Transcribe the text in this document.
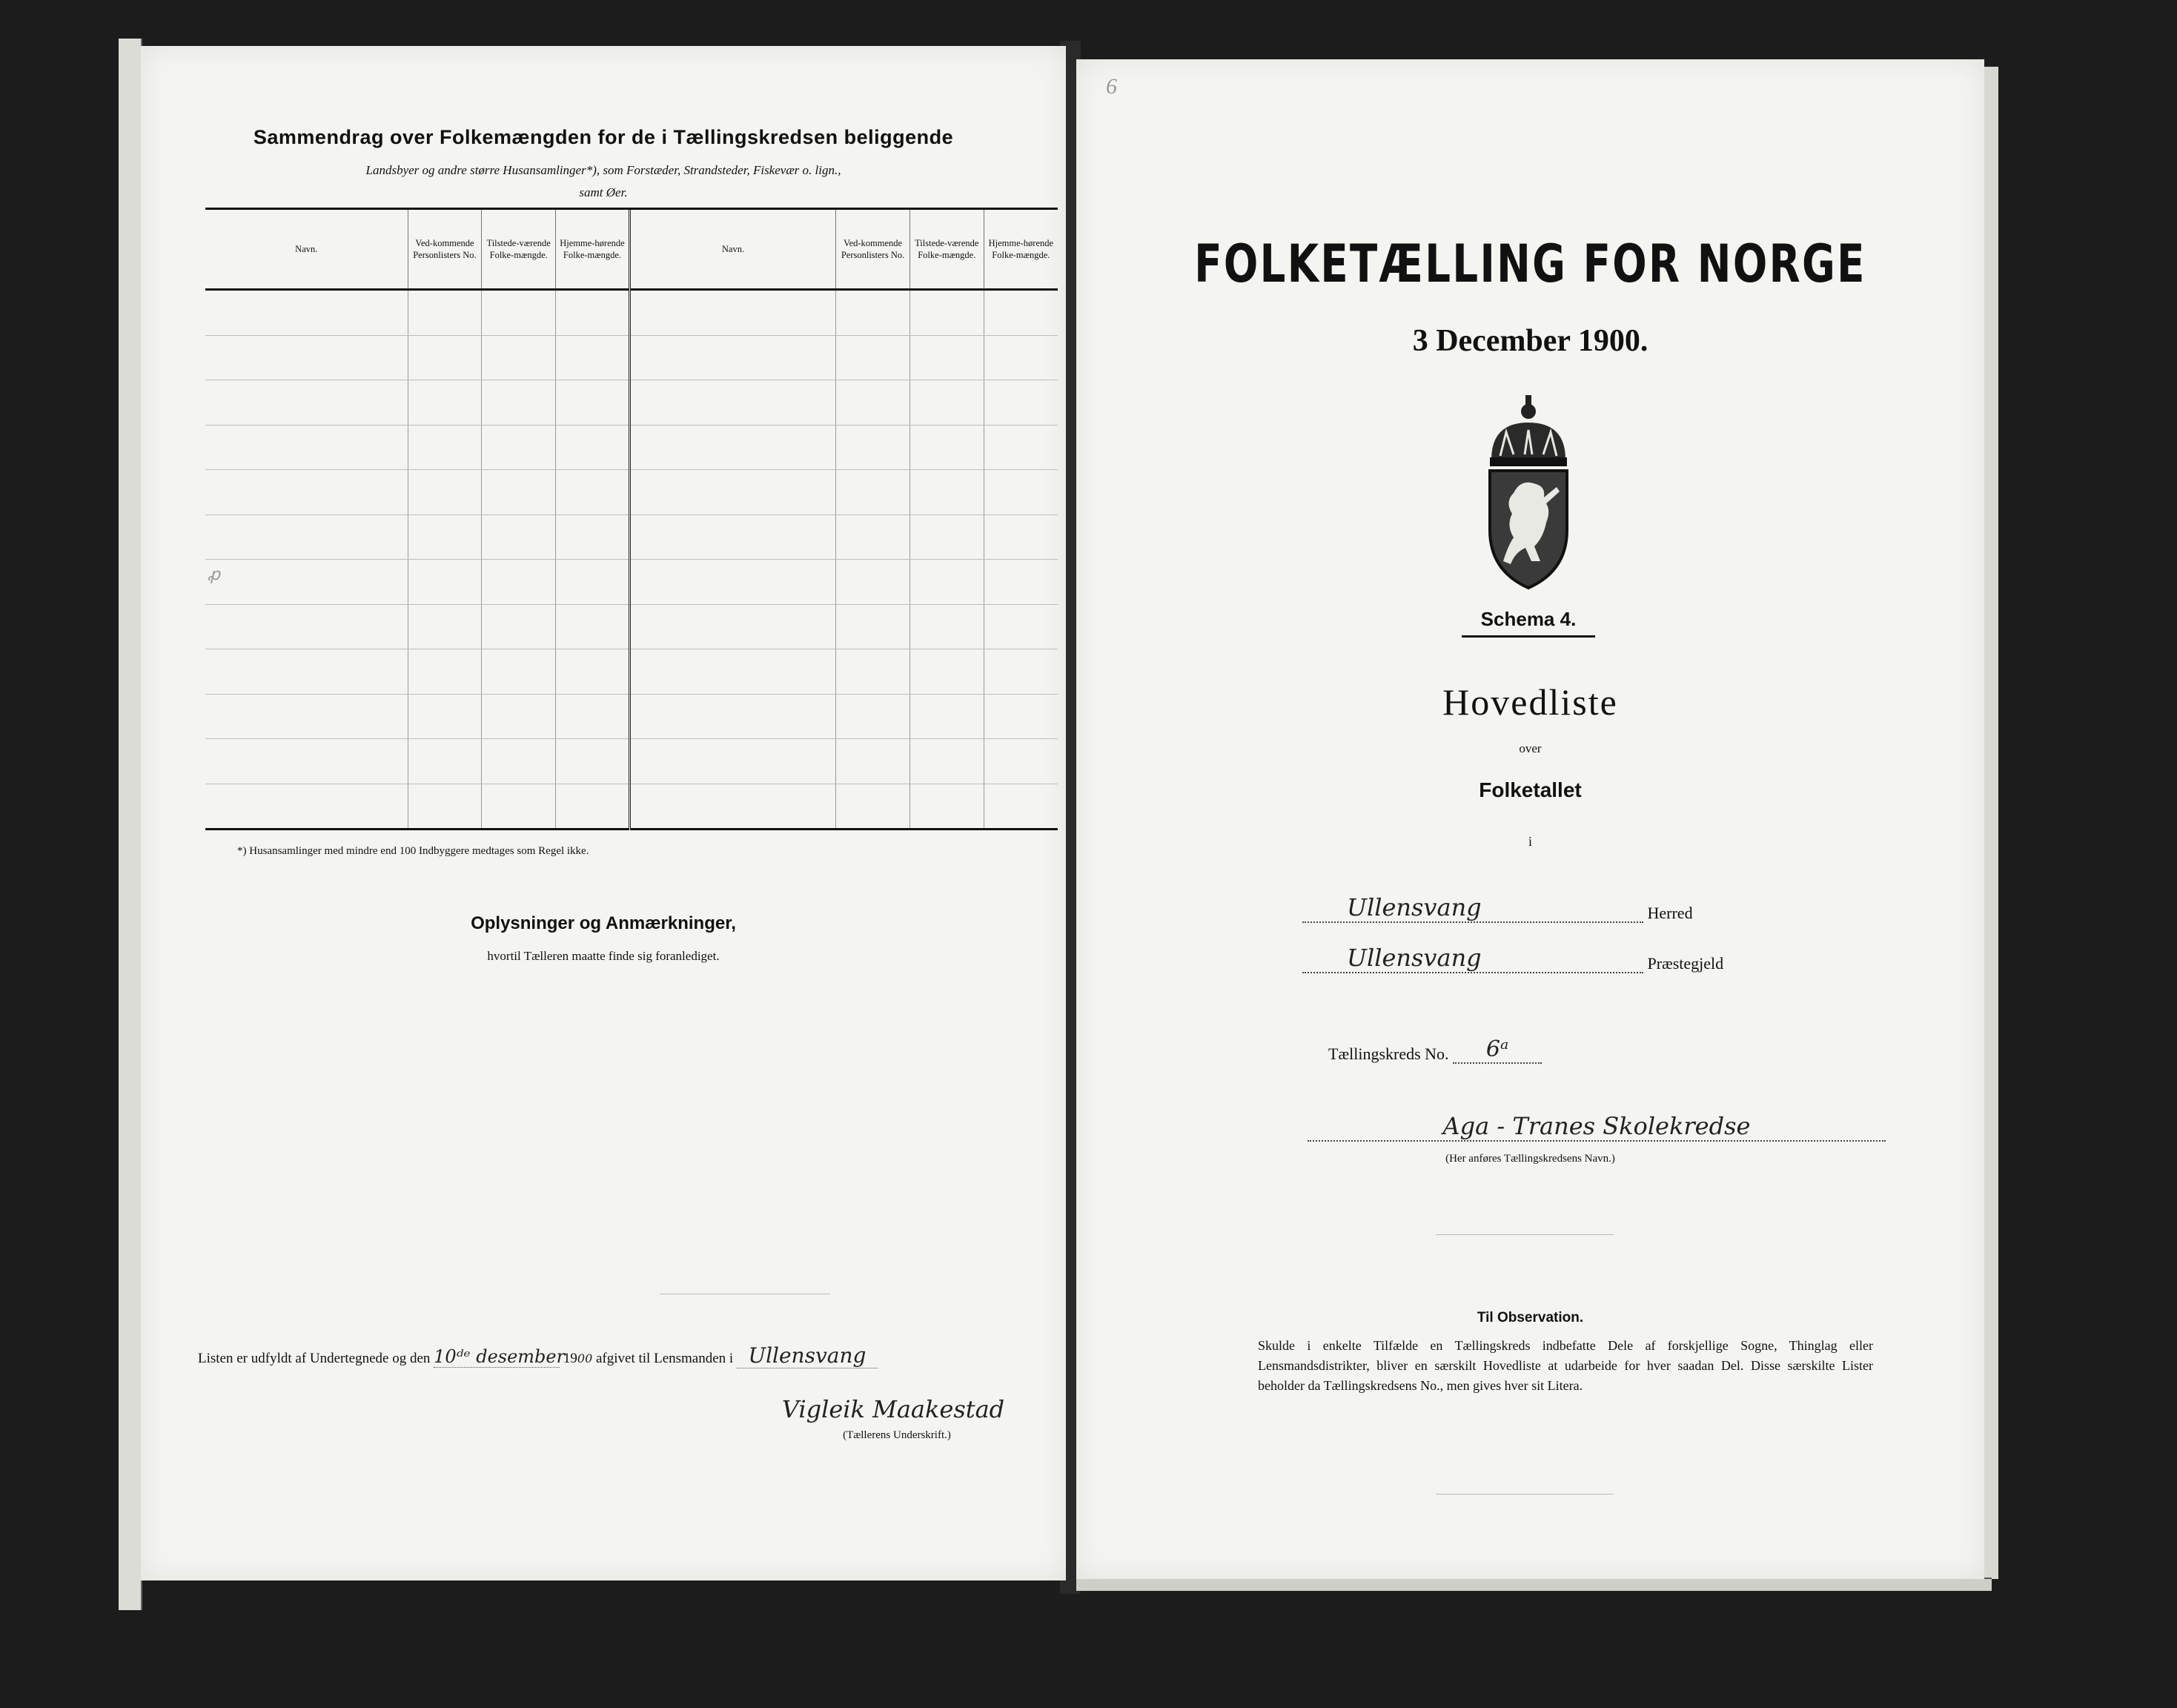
Sammendrag over Folkemængden for de i Tællingskredsen beliggende
Landsbyer og andre større Husansamlinger*), som Forstæder, Strandsteder, Fiskevær o. lign.,
samt Øer.
Navn.	Ved-kommende Personlisters No.	Tilstede-værende Folke-mængde.	Hjemme-hørende Folke-mængde.	Navn.	Ved-kommende Personlisters No.	Tilstede-værende Folke-mængde.	Hjemme-hørende Folke-mængde.

*) Husansamlinger med mindre end 100 Indbyggere medtages som Regel ikke.
Oplysninger og Anmærkninger,
hvortil Tælleren maatte finde sig foranlediget.
Listen er udfyldt af Undertegnede og den 10ᵈᵉ desember 1900 afgivet til Lensmanden i Ullensvang
Vigleik Maakestad
(Tællerens Underskrift.)
ꝓ
6
FOLKETÆLLING FOR NORGE
3 December 1900.
Schema 4.
Hovedliste
over
Folketallet
i
Ullensvang	Herred
Ullensvang	Præstegjeld
Tællingskreds No. 6ᵃ
Aga - Tranes Skolekredse
(Her anføres Tællingskredsens Navn.)
Til Observation.
Skulde i enkelte Tilfælde en Tællingskreds indbefatte Dele af forskjellige Sogne, Thinglag eller Lensmandsdistrikter, bliver en særskilt Hovedliste at udarbeide for hver saadan Del. Disse særskilte Lister beholder da Tællingskredsens No., men gives hver sit Litera.
